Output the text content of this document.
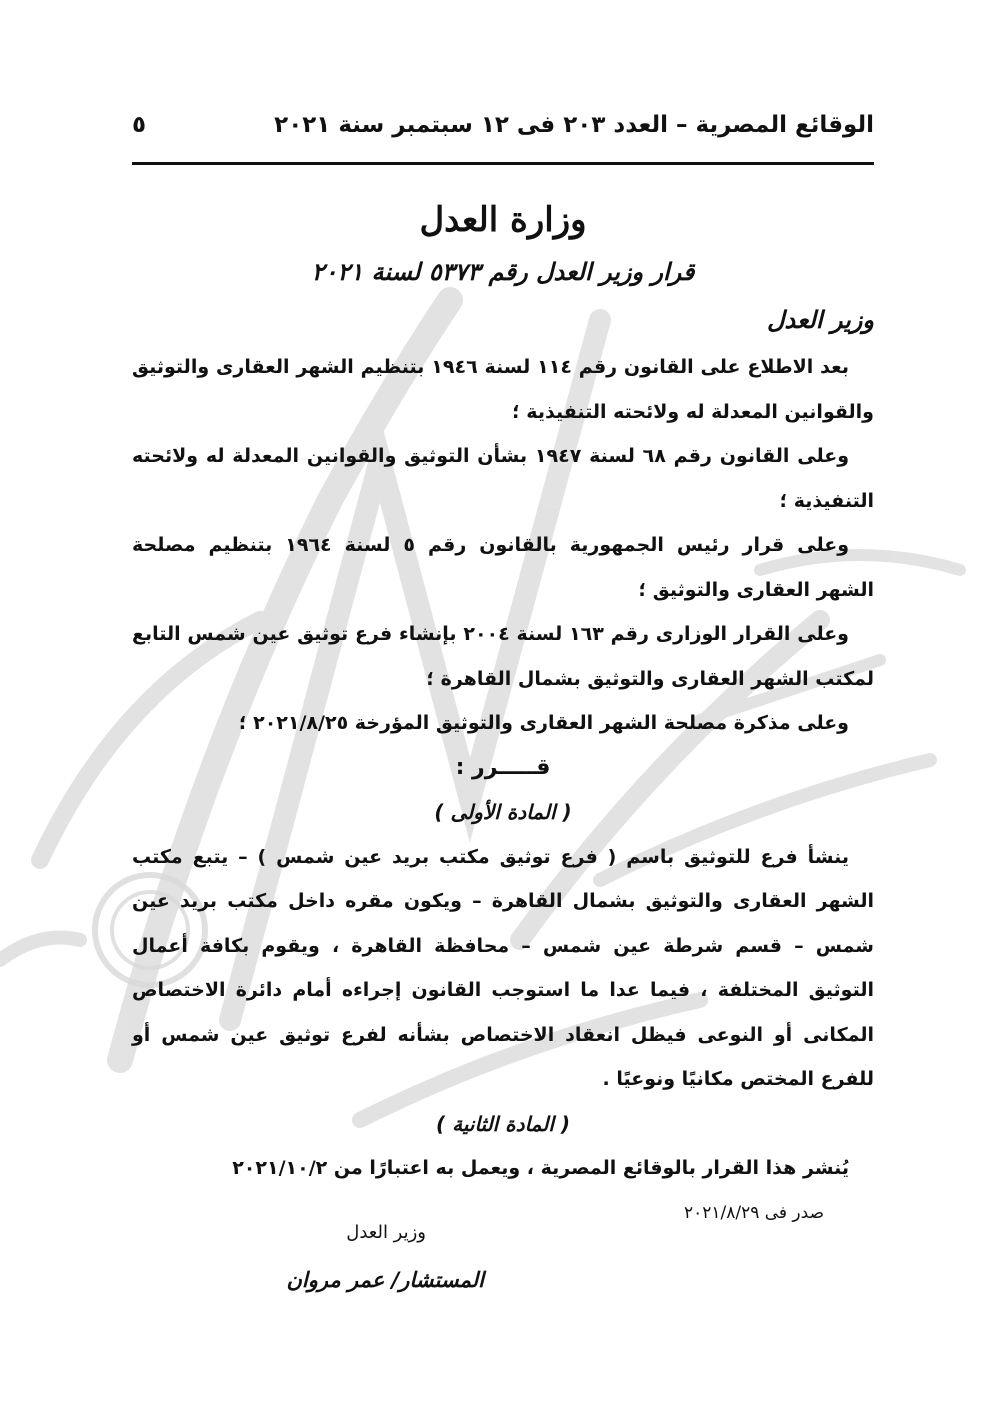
الوقائع المصرية – العدد ٢٠٣ فى ١٢ سبتمبر سنة ٢٠٢١
٥
وزارة العدل
قرار وزير العدل رقم ٥٣٧٣ لسنة ٢٠٢١
وزير العدل

بعد الاطلاع على القانون رقم ١١٤ لسنة ١٩٤٦ بتنظيم الشهر العقارى والتوثيق والقوانين المعدلة له ولائحته التنفيذية ؛

وعلى القانون رقم ٦٨ لسنة ١٩٤٧ بشأن التوثيق والقوانين المعدلة له ولائحته التنفيذية ؛

وعلى قرار رئيس الجمهورية بالقانون رقم ٥ لسنة ١٩٦٤ بتنظيم مصلحة الشهر العقارى والتوثيق ؛

وعلى القرار الوزارى رقم ١٦٣ لسنة ٢٠٠٤ بإنشاء فرع توثيق عين شمس التابع لمكتب الشهر العقارى والتوثيق بشمال القاهرة ؛

وعلى مذكرة مصلحة الشهر العقارى والتوثيق المؤرخة ٢٠٢١/٨/٢٥ ؛

قـــــرر :

( المادة الأولى )

ينشأ فرع للتوثيق باسم ( فرع توثيق مكتب بريد عين شمس ) – يتبع مكتب الشهر العقارى والتوثيق بشمال القاهرة – ويكون مقره داخل مكتب بريد عين شمس – قسم شرطة عين شمس – محافظة القاهرة ، ويقوم بكافة أعمال التوثيق المختلفة ، فيما عدا ما استوجب القانون إجراءه أمام دائرة الاختصاص المكانى أو النوعى فيظل انعقاد الاختصاص بشأنه لفرع توثيق عين شمس أو للفرع المختص مكانيًا ونوعيًا .

( المادة الثانية )

يُنشر هذا القرار بالوقائع المصرية ، ويعمل به اعتبارًا من ٢٠٢١/١٠/٢

صدر فى ٢٠٢١/٨/٢٩

وزير العدل
المستشار/ عمر مروان
